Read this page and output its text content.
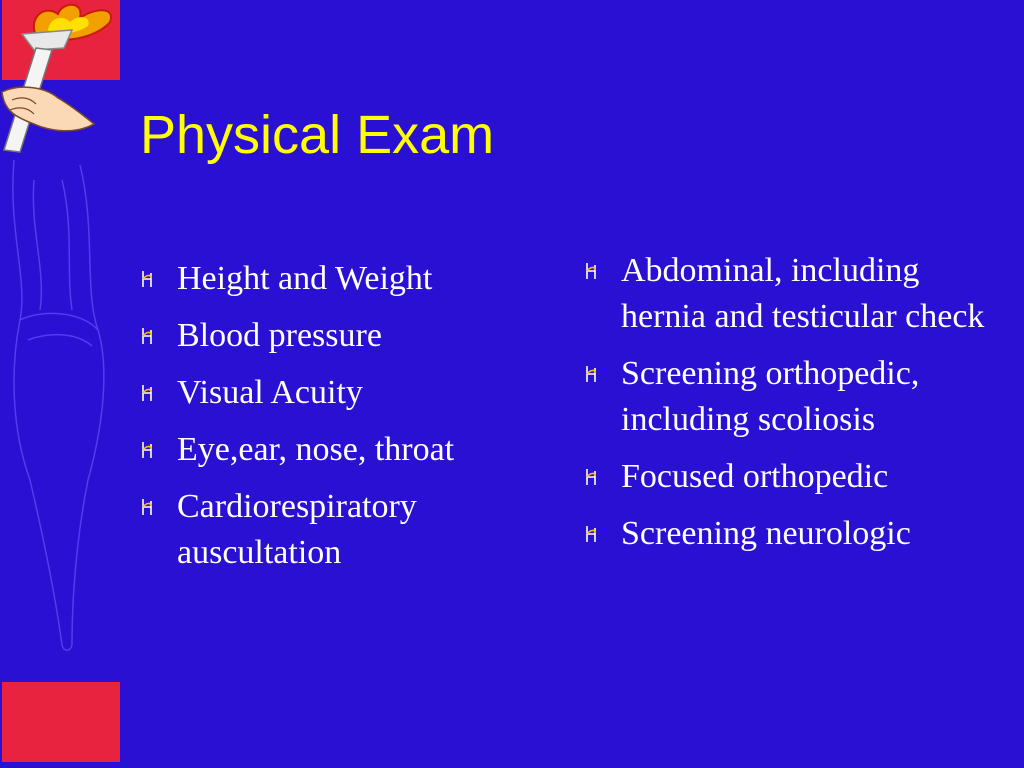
Physical Exam
Height and Weight
Blood pressure
Visual Acuity
Eye,ear, nose, throat
Cardiorespiratory auscultation
Abdominal, including hernia and testicular check
Screening orthopedic, including scoliosis
Focused orthopedic
Screening neurologic
